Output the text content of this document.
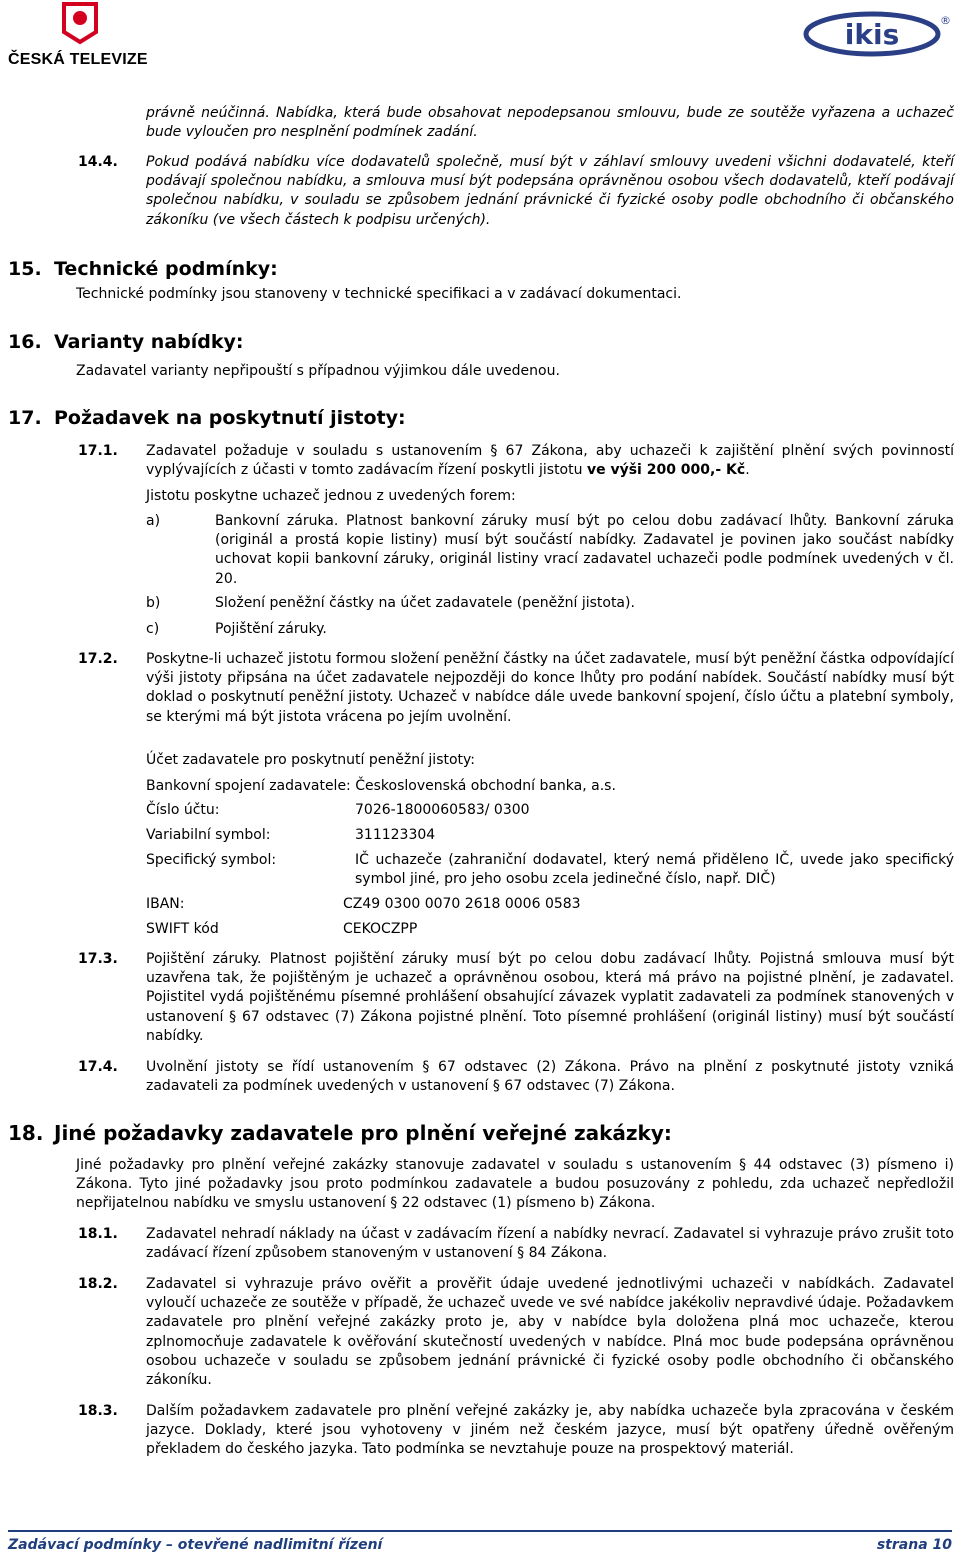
ČESKÁ TELEVIZE
ikis	®
právně neúčinná. Nabídka, která bude obsahovat nepodepsanou smlouvu, bude ze soutěže vyřazena a uchazeč bude vyloučen pro nesplnění podmínek zadání.
14.4. Pokud podává nabídku více dodavatelů společně, musí být v záhlaví smlouvy uvedeni všichni dodavatelé, kteří podávají společnou nabídku, a smlouva musí být podepsána oprávněnou osobou všech dodavatelů, kteří podávají společnou nabídku, v souladu se způsobem jednání právnické či fyzické osoby podle obchodního či občanského zákoníku (ve všech částech k podpisu určených).
15. Technické podmínky:
Technické podmínky jsou stanoveny v technické specifikaci a v zadávací dokumentaci.
16. Varianty nabídky:
Zadavatel varianty nepřipouští s případnou výjimkou dále uvedenou.
17. Požadavek na poskytnutí jistoty:
17.1. Zadavatel požaduje v souladu s ustanovením § 67 Zákona, aby uchazeči k zajištění plnění svých povinností vyplývajících z účasti v tomto zadávacím řízení poskytli jistotu ve výši 200 000,- Kč.
Jistotu poskytne uchazeč jednou z uvedených forem:
a)	Bankovní záruka. Platnost bankovní záruky musí být po celou dobu zadávací lhůty. Bankovní záruka (originál a prostá kopie listiny) musí být součástí nabídky. Zadavatel je povinen jako součást nabídky uchovat kopii bankovní záruky, originál listiny vrací zadavatel uchazeči podle podmínek uvedených v čl. 20.
b)	Složení peněžní částky na účet zadavatele (peněžní jistota).
c)	Pojištění záruky.
17.2. Poskytne-li uchazeč jistotu formou složení peněžní částky na účet zadavatele, musí být peněžní částka odpovídající výši jistoty připsána na účet zadavatele nejpozději do konce lhůty pro podání nabídek. Součástí nabídky musí být doklad o poskytnutí peněžní jistoty. Uchazeč v nabídce dále uvede bankovní spojení, číslo účtu a platební symboly, se kterými má být jistota vrácena po jejím uvolnění.
Účet zadavatele pro poskytnutí peněžní jistoty:
Bankovní spojení zadavatele: Československá obchodní banka, a.s.
Číslo účtu:	7026-1800060583/ 0300
Variabilní symbol:	311123304
Specifický symbol:	IČ uchazeče (zahraniční dodavatel, který nemá přiděleno IČ, uvede jako specifický symbol jiné, pro jeho osobu zcela jedinečné číslo, např. DIČ)
IBAN:	CZ49 0300 0070 2618 0006 0583
SWIFT kód	CEKOCZPP
17.3. Pojištění záruky. Platnost pojištění záruky musí být po celou dobu zadávací lhůty. Pojistná smlouva musí být uzavřena tak, že pojištěným je uchazeč a oprávněnou osobou, která má právo na pojistné plnění, je zadavatel. Pojistitel vydá pojištěnému písemné prohlášení obsahující závazek vyplatit zadavateli za podmínek stanovených v ustanovení § 67 odstavec (7) Zákona pojistné plnění. Toto písemné prohlášení (originál listiny) musí být součástí nabídky.
17.4. Uvolnění jistoty se řídí ustanovením § 67 odstavec (2) Zákona. Právo na plnění z poskytnuté jistoty vzniká zadavateli za podmínek uvedených v ustanovení § 67 odstavec (7) Zákona.
18. Jiné požadavky zadavatele pro plnění veřejné zakázky:
Jiné požadavky pro plnění veřejné zakázky stanovuje zadavatel v souladu s ustanovením § 44 odstavec (3) písmeno i) Zákona. Tyto jiné požadavky jsou proto podmínkou zadavatele a budou posuzovány z pohledu, zda uchazeč nepředložil nepřijatelnou nabídku ve smyslu ustanovení § 22 odstavec (1) písmeno b) Zákona.
18.1. Zadavatel nehradí náklady na účast v zadávacím řízení a nabídky nevrací. Zadavatel si vyhrazuje právo zrušit toto zadávací řízení způsobem stanoveným v ustanovení § 84 Zákona.
18.2. Zadavatel si vyhrazuje právo ověřit a prověřit údaje uvedené jednotlivými uchazeči v nabídkách. Zadavatel vyloučí uchazeče ze soutěže v případě, že uchazeč uvede ve své nabídce jakékoliv nepravdivé údaje. Požadavkem zadavatele pro plnění veřejné zakázky proto je, aby v nabídce byla doložena plná moc uchazeče, kterou zplnomocňuje zadavatele k ověřování skutečností uvedených v nabídce. Plná moc bude podepsána oprávněnou osobou uchazeče v souladu se způsobem jednání právnické či fyzické osoby podle obchodního či občanského zákoníku.
18.3. Dalším požadavkem zadavatele pro plnění veřejné zakázky je, aby nabídka uchazeče byla zpracována v českém jazyce. Doklady, které jsou vyhotoveny v jiném než českém jazyce, musí být opatřeny úředně ověřeným překladem do českého jazyka. Tato podmínka se nevztahuje pouze na prospektový materiál.
Zadávací podmínky – otevřené nadlimitní řízení	strana 10
